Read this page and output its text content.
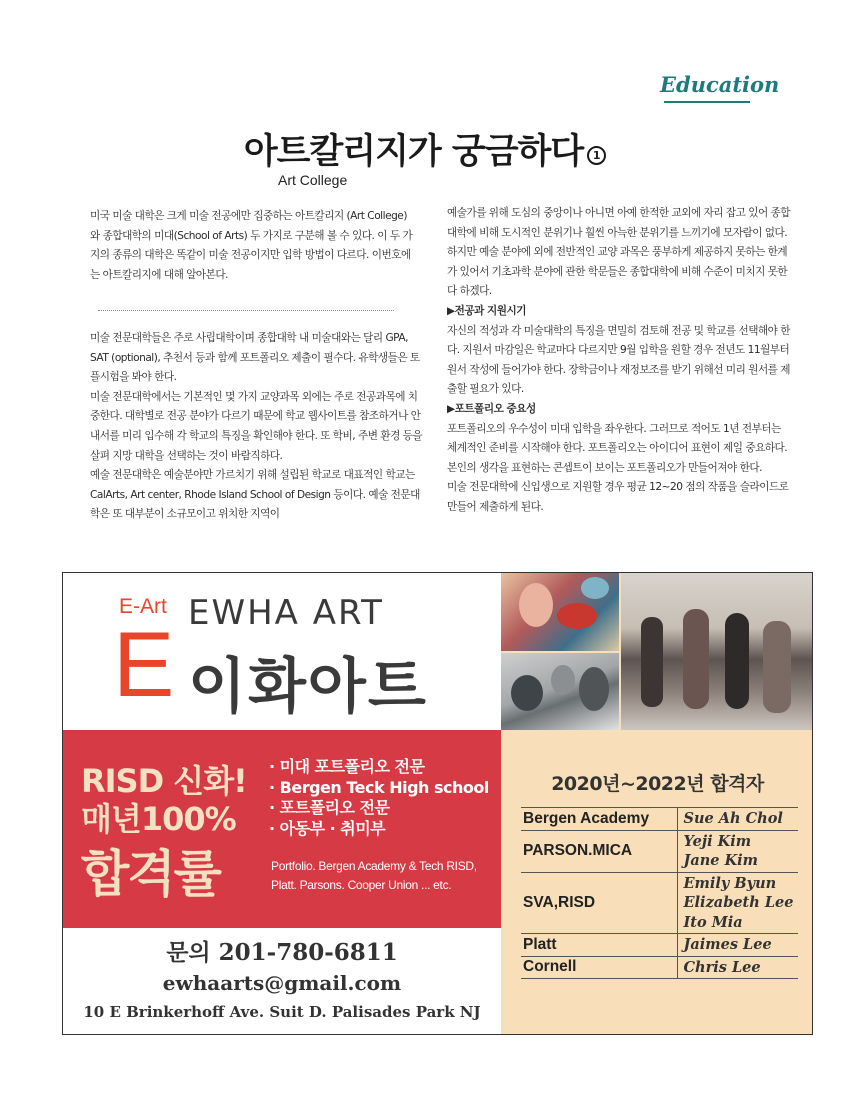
Education
아트칼리지가 궁금하다 1
Art College
미국 미술 대학은 크게 미술 전공에만 집중하는 아트칼리지 (Art College)와 종합대학의 미대(School of Arts) 두 가지로 구분해 볼 수 있다. 이 두 가지의 종류의 대학은 똑같이 미술 전공이지만 입학 방법이 다르다. 이번호에는 아트칼리지에 대해 알아본다.

미술 전문대학들은 주로 사립대학이며 종합대학 내 미술대와는 달리 GPA, SAT (optional), 추천서 등과 함께 포트폴리오 제출이 필수다. 유학생들은 토플시험을 봐야 한다.

미술 전문대학에서는 기본적인 몇 가지 교양과목 외에는 주로 전공과목에 치중한다. 대학별로 전공 분야가 다르기 때문에 학교 웹사이트를 참조하거나 안내서를 미리 입수해 각 학교의 특징을 확인해야 한다. 또 학비, 주변 환경 등을 살펴 지망 대학을 선택하는 것이 바람직하다.

예술 전문대학은 예술분야만 가르치기 위해 설립된 학교로 대표적인 학교는 CalArts, Art center, Rhode Island School of Design 등이다. 예술 전문대학은 또 대부분이 소규모이고 위치한 지역이

예술가를 위해 도심의 중앙이나 아니면 아예 한적한 교외에 자리 잡고 있어 종합대학에 비해 도시적인 분위기나 훨씬 아늑한 분위기를 느끼기에 모자람이 없다. 하지만 예술 분야에 외에 전반적인 교양 과목은 풍부하게 제공하지 못하는 한계가 있어서 기초과학 분야에 관한 학문들은 종합대학에 비해 수준이 미치지 못한다 하겠다.

▶전공과 지원시기

자신의 적성과 각 미술대학의 특징을 면밀히 검토해 전공 및 학교를 선택해야 한다. 지원서 마감일은 학교마다 다르지만 9월 입학을 원할 경우 전년도 11월부터 원서 작성에 들어가야 한다. 장학금이나 재정보조를 받기 위해선 미리 원서를 제출할 필요가 있다.

▶포트폴리오 중요성

포트폴리오의 우수성이 미대 입학을 좌우한다. 그러므로 적어도 1년 전부터는 체계적인 준비를 시작해야 한다. 포트폴리오는 아이디어 표현이 제일 중요하다. 본인의 생각을 표현하는 콘셉트이 보이는 포트폴리오가 만들어져야 한다.

미술 전문대학에 신입생으로 지원할 경우 평균 12~20 점의 작품을 슬라이드로 만들어 제출하게 된다.

E-Art
E
EWHA ART
이화아트
RISD 신화!
매년100%
합격률
· 미대 포트폴리오 전문
· Bergen Teck High school
· 포트폴리오 전문
· 아동부 · 취미부
Portfolio. Bergen Academy & Tech RISD, Platt. Parsons. Cooper Union ... etc.
문의 201-780-6811
ewhaarts@gmail.com
10 E Brinkerhoff Ave. Suit D. Palisades Park NJ
2020년~2022년 합격자
Bergen Academy	Sue Ah Chol

PARSON.MICA	Yeji Kim
Jane Kim

SVA,RISD	Emily Byun
Elizabeth Lee
Ito Mia

Platt	Jaimes Lee

Cornell	Chris Lee
